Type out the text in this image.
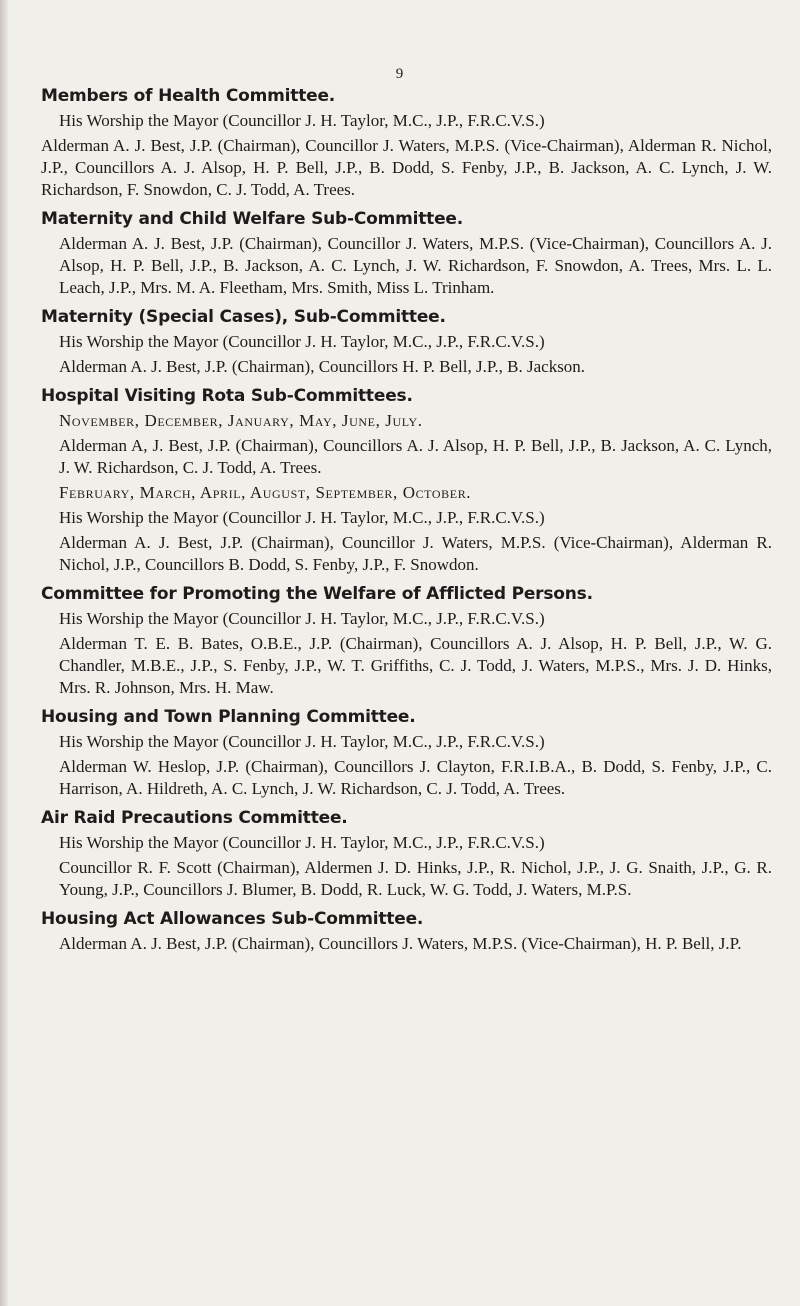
9
Members of Health Committee.

His Worship the Mayor (Councillor J. H. Taylor, M.C., J.P., F.R.C.V.S.)

Alderman A. J. Best, J.P. (Chairman), Councillor J. Waters, M.P.S. (Vice-Chairman), Alderman R. Nichol, J.P., Councillors A. J. Alsop, H. P. Bell, J.P., B. Dodd, S. Fenby, J.P., B. Jackson, A. C. Lynch, J. W. Richardson, F. Snowdon, C. J. Todd, A. Trees.

Maternity and Child Welfare Sub-Committee.

Alderman A. J. Best, J.P. (Chairman), Councillor J. Waters, M.P.S. (Vice-Chairman), Councillors A. J. Alsop, H. P. Bell, J.P., B. Jackson, A. C. Lynch, J. W. Richardson, F. Snowdon, A. Trees, Mrs. L. L. Leach, J.P., Mrs. M. A. Fleetham, Mrs. Smith, Miss L. Trinham.

Maternity (Special Cases), Sub-Committee.

His Worship the Mayor (Councillor J. H. Taylor, M.C., J.P., F.R.C.V.S.)

Alderman A. J. Best, J.P. (Chairman), Councillors H. P. Bell, J.P., B. Jackson.

Hospital Visiting Rota Sub-Committees.

November, December, January, May, June, July.

Alderman A, J. Best, J.P. (Chairman), Councillors A. J. Alsop, H. P. Bell, J.P., B. Jackson, A. C. Lynch, J. W. Richardson, C. J. Todd, A. Trees.

February, March, April, August, September, October.

His Worship the Mayor (Councillor J. H. Taylor, M.C., J.P., F.R.C.V.S.)

Alderman A. J. Best, J.P. (Chairman), Councillor J. Waters, M.P.S. (Vice-Chairman), Alderman R. Nichol, J.P., Councillors B. Dodd, S. Fenby, J.P., F. Snowdon.

Committee for Promoting the Welfare of Afflicted Persons.

His Worship the Mayor (Councillor J. H. Taylor, M.C., J.P., F.R.C.V.S.)

Alderman T. E. B. Bates, O.B.E., J.P. (Chairman), Councillors A. J. Alsop, H. P. Bell, J.P., W. G. Chandler, M.B.E., J.P., S. Fenby, J.P., W. T. Griffiths, C. J. Todd, J. Waters, M.P.S., Mrs. J. D. Hinks, Mrs. R. Johnson, Mrs. H. Maw.

Housing and Town Planning Committee.

His Worship the Mayor (Councillor J. H. Taylor, M.C., J.P., F.R.C.V.S.)

Alderman W. Heslop, J.P. (Chairman), Councillors J. Clayton, F.R.I.B.A., B. Dodd, S. Fenby, J.P., C. Harrison, A. Hildreth, A. C. Lynch, J. W. Richardson, C. J. Todd, A. Trees.

Air Raid Precautions Committee.

His Worship the Mayor (Councillor J. H. Taylor, M.C., J.P., F.R.C.V.S.)

Councillor R. F. Scott (Chairman), Aldermen J. D. Hinks, J.P., R. Nichol, J.P., J. G. Snaith, J.P., G. R. Young, J.P., Councillors J. Blumer, B. Dodd, R. Luck, W. G. Todd, J. Waters, M.P.S.

Housing Act Allowances Sub-Committee.

Alderman A. J. Best, J.P. (Chairman), Councillors J. Waters, M.P.S. (Vice-Chairman), H. P. Bell, J.P.
